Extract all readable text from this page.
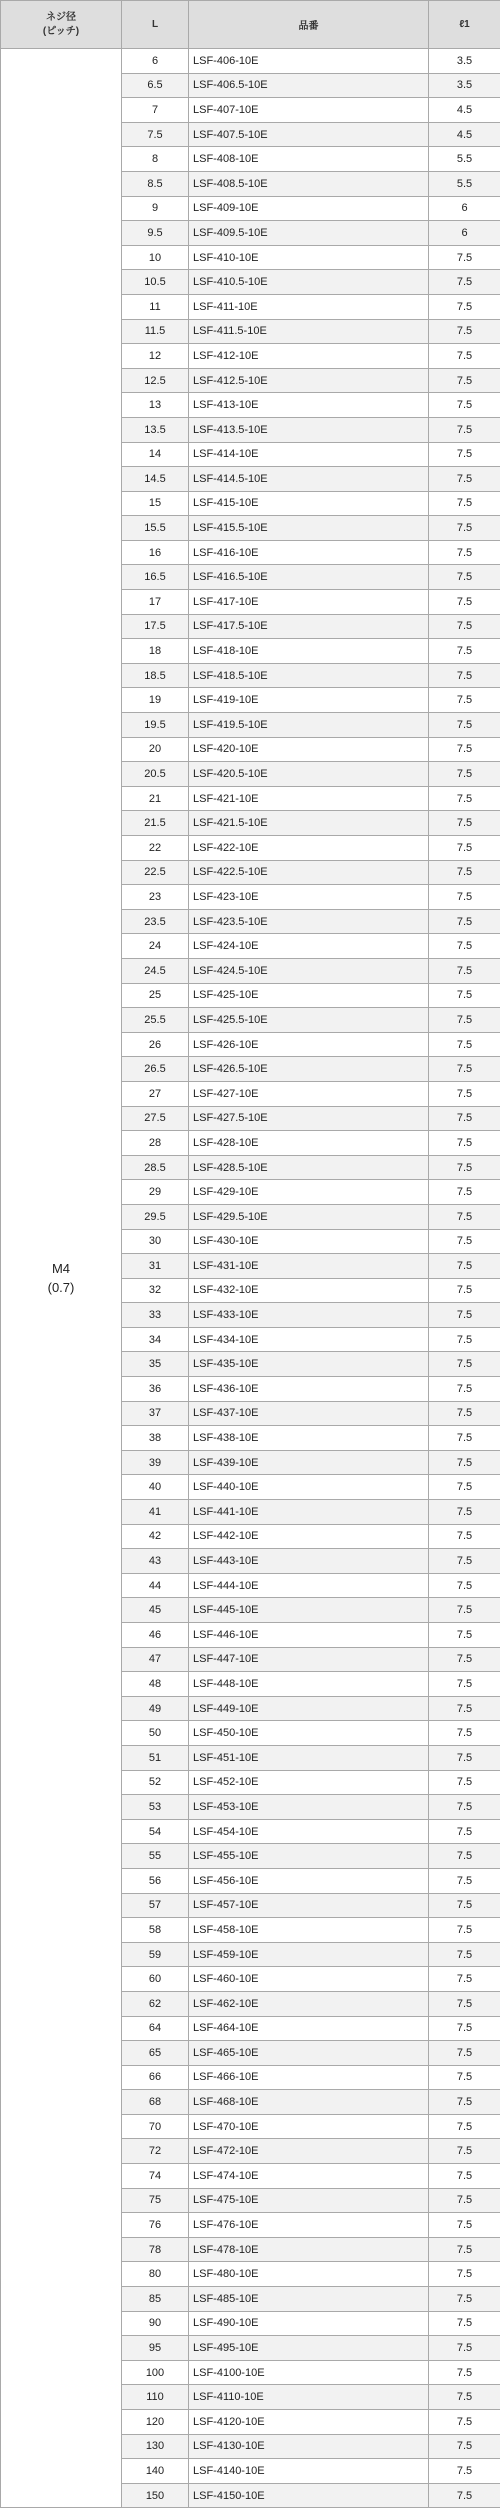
ネジ径
(ピッチ)	L	品番	ℓ1

M4
(0.7)	6	LSF-406-10E	3.5
	6.5	LSF-406.5-10E	3.5
	7	LSF-407-10E	4.5
	7.5	LSF-407.5-10E	4.5
	8	LSF-408-10E	5.5
	8.5	LSF-408.5-10E	5.5
	9	LSF-409-10E	6
	9.5	LSF-409.5-10E	6
	10	LSF-410-10E	7.5
	10.5	LSF-410.5-10E	7.5
	11	LSF-411-10E	7.5
	11.5	LSF-411.5-10E	7.5
	12	LSF-412-10E	7.5
	12.5	LSF-412.5-10E	7.5
	13	LSF-413-10E	7.5
	13.5	LSF-413.5-10E	7.5
	14	LSF-414-10E	7.5
	14.5	LSF-414.5-10E	7.5
	15	LSF-415-10E	7.5
	15.5	LSF-415.5-10E	7.5
	16	LSF-416-10E	7.5
	16.5	LSF-416.5-10E	7.5
	17	LSF-417-10E	7.5
	17.5	LSF-417.5-10E	7.5
	18	LSF-418-10E	7.5
	18.5	LSF-418.5-10E	7.5
	19	LSF-419-10E	7.5
	19.5	LSF-419.5-10E	7.5
	20	LSF-420-10E	7.5
	20.5	LSF-420.5-10E	7.5
	21	LSF-421-10E	7.5
	21.5	LSF-421.5-10E	7.5
	22	LSF-422-10E	7.5
	22.5	LSF-422.5-10E	7.5
	23	LSF-423-10E	7.5
	23.5	LSF-423.5-10E	7.5
	24	LSF-424-10E	7.5
	24.5	LSF-424.5-10E	7.5
	25	LSF-425-10E	7.5
	25.5	LSF-425.5-10E	7.5
	26	LSF-426-10E	7.5
	26.5	LSF-426.5-10E	7.5
	27	LSF-427-10E	7.5
	27.5	LSF-427.5-10E	7.5
	28	LSF-428-10E	7.5
	28.5	LSF-428.5-10E	7.5
	29	LSF-429-10E	7.5
	29.5	LSF-429.5-10E	7.5
	30	LSF-430-10E	7.5
	31	LSF-431-10E	7.5
	32	LSF-432-10E	7.5
	33	LSF-433-10E	7.5
	34	LSF-434-10E	7.5
	35	LSF-435-10E	7.5
	36	LSF-436-10E	7.5
	37	LSF-437-10E	7.5
	38	LSF-438-10E	7.5
	39	LSF-439-10E	7.5
	40	LSF-440-10E	7.5
	41	LSF-441-10E	7.5
	42	LSF-442-10E	7.5
	43	LSF-443-10E	7.5
	44	LSF-444-10E	7.5
	45	LSF-445-10E	7.5
	46	LSF-446-10E	7.5
	47	LSF-447-10E	7.5
	48	LSF-448-10E	7.5
	49	LSF-449-10E	7.5
	50	LSF-450-10E	7.5
	51	LSF-451-10E	7.5
	52	LSF-452-10E	7.5
	53	LSF-453-10E	7.5
	54	LSF-454-10E	7.5
	55	LSF-455-10E	7.5
	56	LSF-456-10E	7.5
	57	LSF-457-10E	7.5
	58	LSF-458-10E	7.5
	59	LSF-459-10E	7.5
	60	LSF-460-10E	7.5
	62	LSF-462-10E	7.5
	64	LSF-464-10E	7.5
	65	LSF-465-10E	7.5
	66	LSF-466-10E	7.5
	68	LSF-468-10E	7.5
	70	LSF-470-10E	7.5
	72	LSF-472-10E	7.5
	74	LSF-474-10E	7.5
	75	LSF-475-10E	7.5
	76	LSF-476-10E	7.5
	78	LSF-478-10E	7.5
	80	LSF-480-10E	7.5
	85	LSF-485-10E	7.5
	90	LSF-490-10E	7.5
	95	LSF-495-10E	7.5
	100	LSF-4100-10E	7.5
	110	LSF-4110-10E	7.5
	120	LSF-4120-10E	7.5
	130	LSF-4130-10E	7.5
	140	LSF-4140-10E	7.5
	150	LSF-4150-10E	7.5
